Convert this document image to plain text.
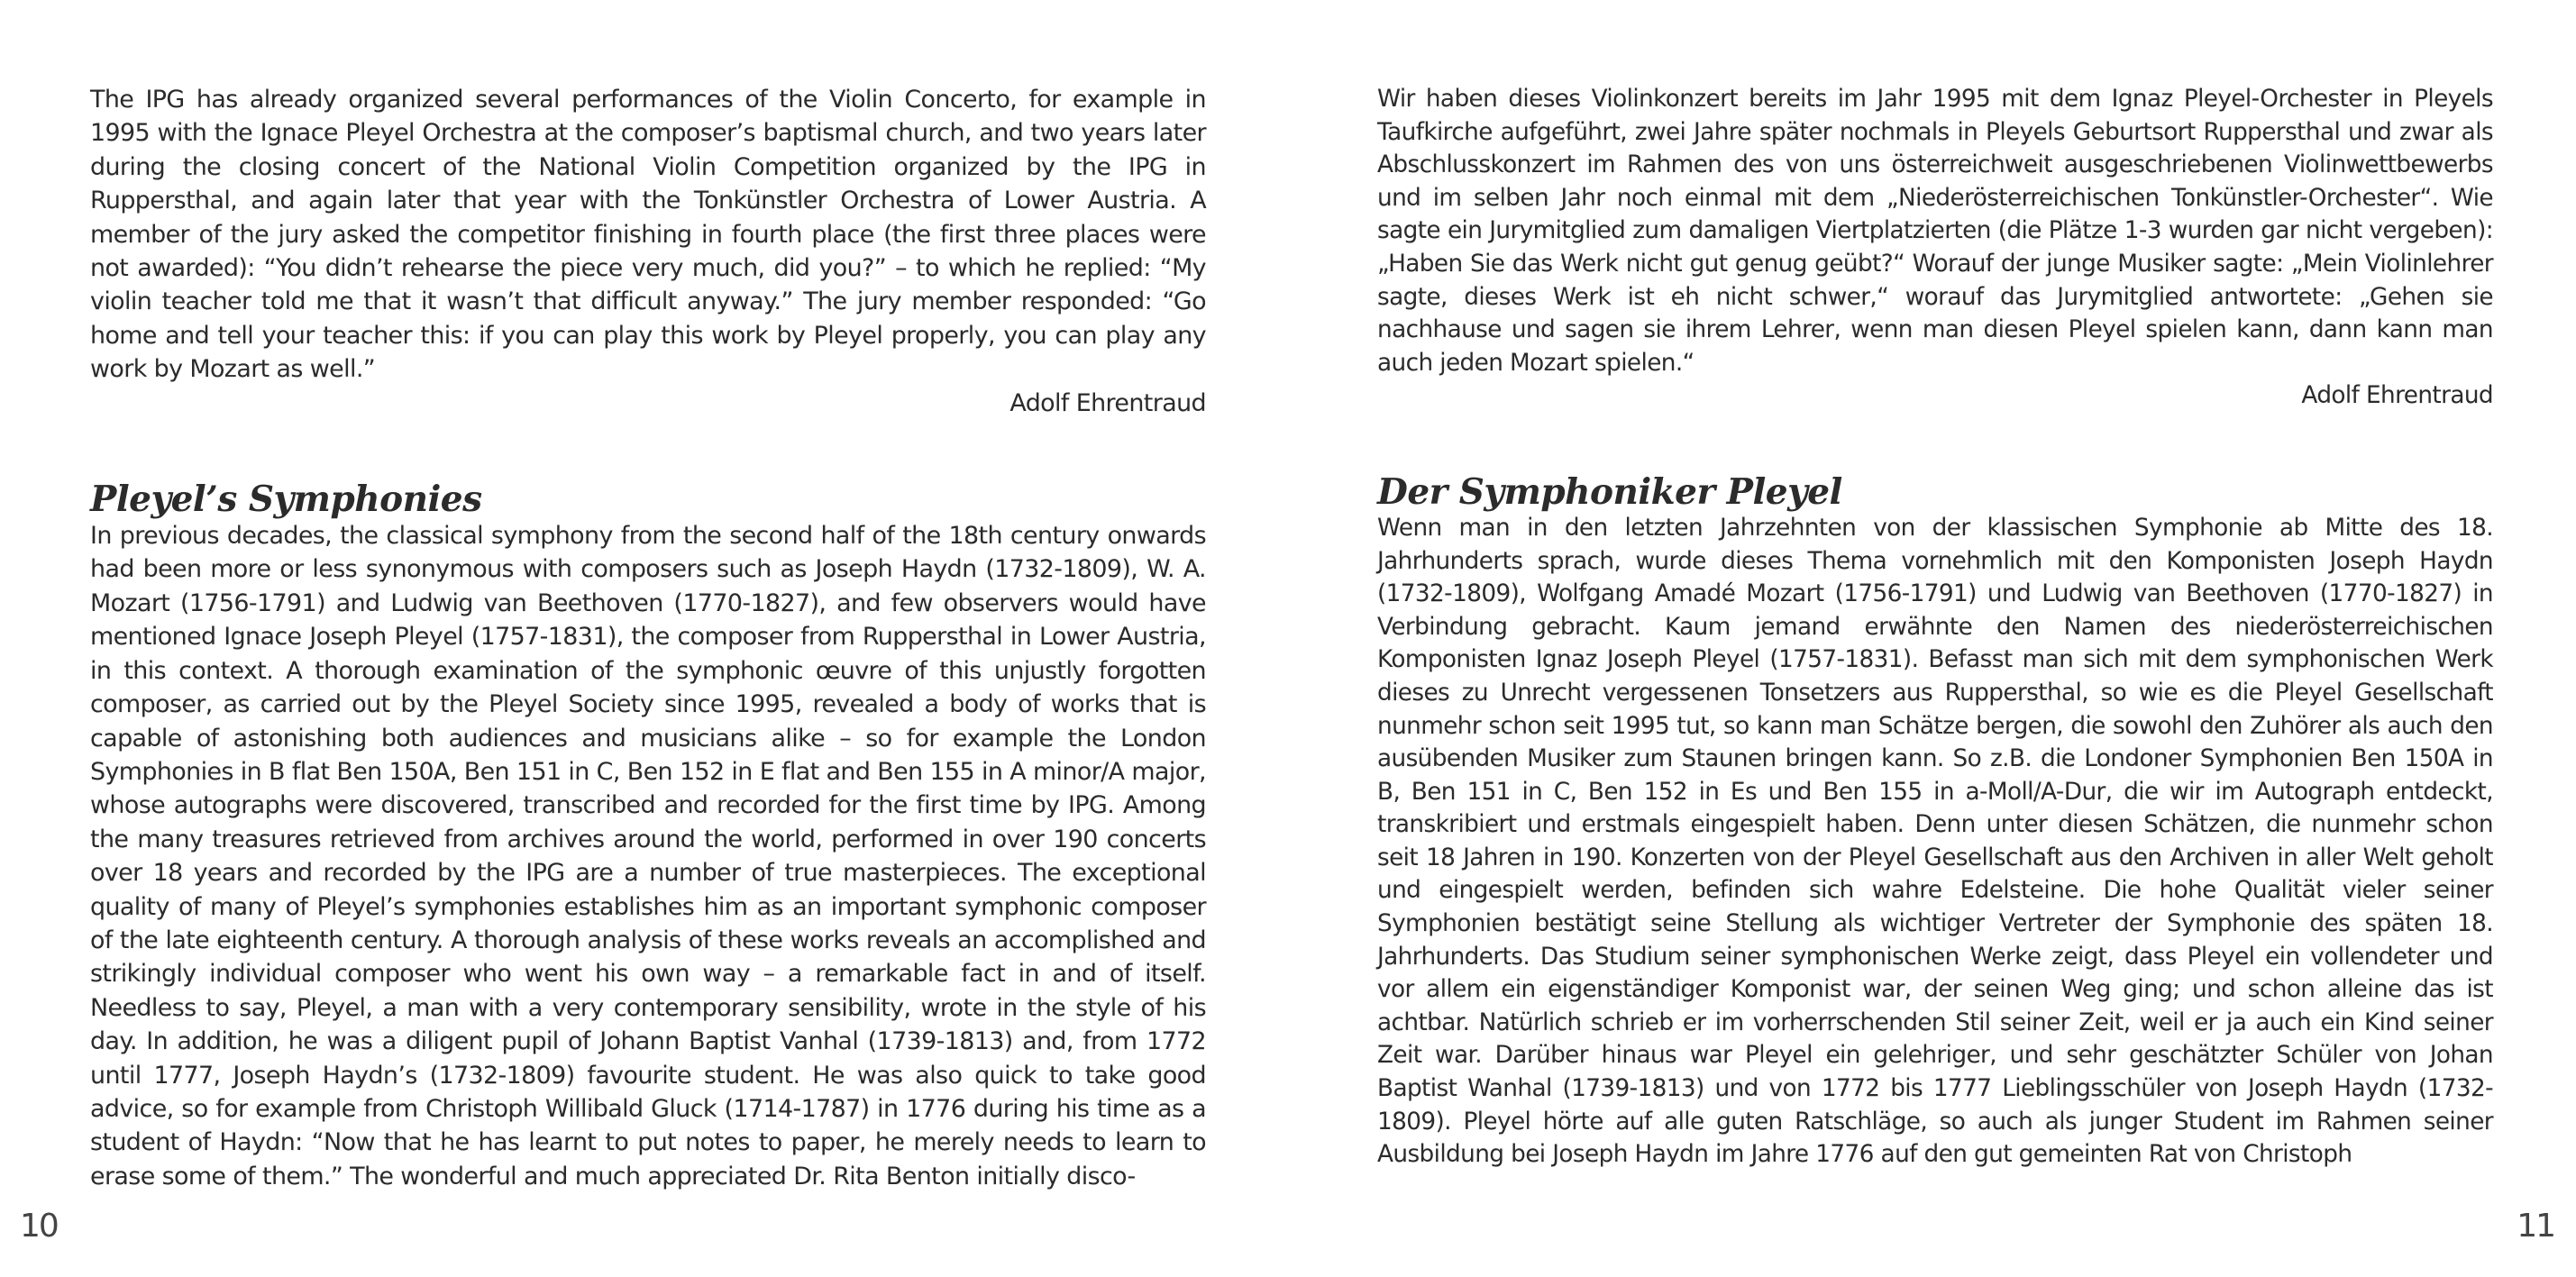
The IPG has already organized several performances of the Violin Concerto, for example in 1995 with the Ignace Pleyel Orchestra at the composer’s baptismal church, and two years later during the closing concert of the National Violin Competition organized by the IPG in Ruppersthal, and again later that year with the Tonkünstler Orchestra of Lower Austria. A member of the jury asked the competitor finishing in fourth place (the first three places were not awarded): “You didn’t rehearse the piece very much, did you?” – to which he replied: “My violin teacher told me that it wasn’t that difficult anyway.” The jury member responded: “Go home and tell your teacher this: if you can play this work by Pleyel properly, you can play any work by Mozart as well.”

Adolf Ehrentraud

Pleyel’s Symphonies

In previous decades, the classical symphony from the second half of the 18th century onwards had been more or less synonymous with composers such as Joseph Haydn (1732-1809), W. A. Mozart (1756-1791) and Ludwig van Beethoven (1770-1827), and few observers would have mentioned Ignace Joseph Pleyel (1757-1831), the composer from Ruppersthal in Lower Austria, in this context. A thorough examination of the symphonic œuvre of this unjustly forgotten composer, as carried out by the Pleyel Society since 1995, revealed a body of works that is capable of astonishing both audiences and musicians alike – so for example the London Symphonies in B flat Ben 150A, Ben 151 in C, Ben 152 in E flat and Ben 155 in A minor/A major, whose autographs were discovered, transcribed and recorded for the first time by IPG. Among the many treasures retrieved from archives around the world, performed in over 190 concerts over 18 years and recorded by the IPG are a number of true masterpieces. The exceptional quality of many of Pleyel’s symphonies establishes him as an important symphonic composer of the late eighteenth century. A thorough analysis of these works reveals an accomplished and strikingly individual composer who went his own way – a remarkable fact in and of itself. Needless to say, Pleyel, a man with a very contemporary sensibility, wrote in the style of his day. In addition, he was a diligent pupil of Johann Baptist Vanhal (1739-1813) and, from 1772 until 1777, Joseph Haydn’s (1732-1809) favourite student. He was also quick to take good advice, so for example from Christoph Willibald Gluck (1714-1787) in 1776 during his time as a student of Haydn: “Now that he has learnt to put notes to paper, he merely needs to learn to erase some of them.” The wonderful and much appreciated Dr. Rita Benton initially disco-

Wir haben dieses Violinkonzert bereits im Jahr 1995 mit dem Ignaz Pleyel-Orchester in Pleyels Taufkirche aufgeführt, zwei Jahre später nochmals in Pleyels Geburtsort Ruppersthal und zwar als Abschlusskonzert im Rahmen des von uns österreichweit ausgeschriebenen Violinwettbewerbs und im selben Jahr noch einmal mit dem „Niederösterreichischen Tonkünstler-Orchester“. Wie sagte ein Jurymitglied zum damaligen Viertplatzierten (die Plätze 1-3 wurden gar nicht vergeben): „Haben Sie das Werk nicht gut genug geübt?“ Worauf der junge Musiker sagte: „Mein Violinlehrer sagte, dieses Werk ist eh nicht schwer,“ worauf das Jurymitglied antwortete: „Gehen sie nachhause und sagen sie ihrem Lehrer, wenn man diesen Pleyel spielen kann, dann kann man auch jeden Mozart spielen.“

Adolf Ehrentraud

Der Symphoniker Pleyel

Wenn man in den letzten Jahrzehnten von der klassischen Symphonie ab Mitte des 18. Jahrhunderts sprach, wurde dieses Thema vornehmlich mit den Komponisten Joseph Haydn (1732-1809), Wolfgang Amadé Mozart (1756-1791) und Ludwig van Beethoven (1770-1827) in Verbindung gebracht. Kaum jemand erwähnte den Namen des niederösterreichischen Komponisten Ignaz Joseph Pleyel (1757-1831). Befasst man sich mit dem symphonischen Werk dieses zu Unrecht vergessenen Tonsetzers aus Ruppersthal, so wie es die Pleyel Gesellschaft nunmehr schon seit 1995 tut, so kann man Schätze bergen, die sowohl den Zuhörer als auch den ausübenden Musiker zum Staunen bringen kann. So z.B. die Londoner Symphonien Ben 150A in B, Ben 151 in C, Ben 152 in Es und Ben 155 in a-Moll/A-Dur, die wir im Autograph entdeckt, transkribiert und erstmals eingespielt haben. Denn unter diesen Schätzen, die nunmehr schon seit 18 Jahren in 190. Konzerten von der Pleyel Gesellschaft aus den Archiven in aller Welt geholt und eingespielt werden, befinden sich wahre Edelsteine. Die hohe Qualität vieler seiner Symphonien bestätigt seine Stellung als wichtiger Vertreter der Symphonie des späten 18. Jahrhunderts. Das Studium seiner symphonischen Werke zeigt, dass Pleyel ein vollendeter und vor allem ein eigenständiger Komponist war, der seinen Weg ging; und schon alleine das ist achtbar. Natürlich schrieb er im vorherrschenden Stil seiner Zeit, weil er ja auch ein Kind seiner Zeit war. Darüber hinaus war Pleyel ein gelehriger, und sehr geschätzter Schüler von Johan Baptist Wanhal (1739-1813) und von 1772 bis 1777 Lieblingsschüler von Joseph Haydn (1732-1809). Pleyel hörte auf alle guten Ratschläge, so auch als junger Student im Rahmen seiner Ausbildung bei Joseph Haydn im Jahre 1776 auf den gut gemeinten Rat von Christoph

10	11
